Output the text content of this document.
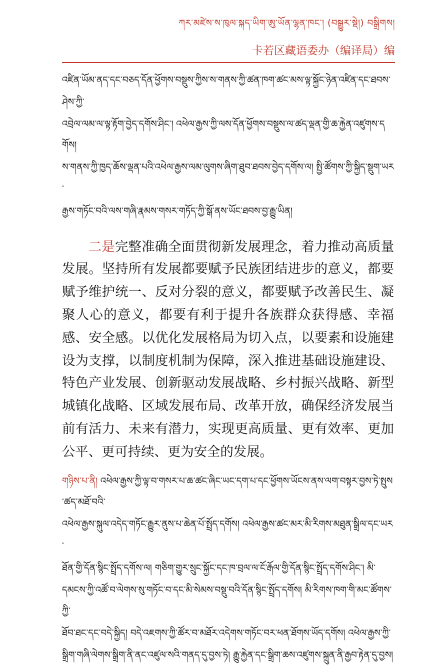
ཀར་མཛེས་ས་ཁུལ་སྐད་ཡིག་ཨུ་ཡོན་ལྷན་ཁང་། (བསྒྱུར་སྡེ།) བསྒྲིགས།
卡若区藏语委办（编译局）编

འཛིན་ཡོམ་ནད་དང་བཅད་དོན་ཕྱོགས་བསྡུས་ཀྱིས་ས་གནས་ཀྱི་ཚན་ཁག་ཚང་མས་ལྟ་སྐྱོང་ཉེན་འཛིན་དང་ཐབས་ཤེས་ཀྱི་
འབྲེལ་ལམ་ལ་ལྟ་རྟོག་བྱེད་དགོས་ཤིང་། འཕེལ་རྒྱས་ཀྱི་ལས་དོན་ཕྱོགས་བསྡུས་ལ་ཚད་ལྡན་གྱི་ཆ་རྐྱེན་འཛུགས་དགོས།
ས་གནས་ཀྱི་ཁྱད་ཆོས་ལྡན་པའི་འཕེལ་རྒྱས་ལམ་ལུགས་ཞིག་ཐུབ་ཐབས་བྱེད་དགོས་ལ། སྤྱི་ཚོགས་ཀྱི་སྐྱིད་སྡུག་ཡར་
རྒྱས་གཏོང་བའི་ལས་གཞི་རྣམས་གསར་གཏོད་ཀྱི་སྒོ་ནས་ཡོང་ཐབས་བྱ་རྒྱུ་ཡིན།

二是完整准确全面贯彻新发展理念，着力推动高质量发展。坚持所有发展都要赋予民族团结进步的意义，都要赋予维护统一、反对分裂的意义，都要赋予改善民生、凝聚人心的意义，都要有利于提升各族群众获得感、幸福感、安全感。以优化发展格局为切入点，以要素和设施建设为支撑，以制度机制为保障，深入推进基础设施建设、特色产业发展、创新驱动发展战略、乡村振兴战略、新型城镇化战略、区域发展布局、改革开放，确保经济发展当前有活力、未来有潜力，实现更高质量、更有效率、更加公平、更可持续、更为安全的发展。

གཉིས་པ་ནི། འཕེལ་རྒྱས་ཀྱི་ལྟ་བ་གསར་པ་ཆ་ཚང་ཞིང་ཡང་དག་པ་དང་ཕྱོགས་ཡོངས་ནས་ལག་བསྟར་བྱས་ཏེ་སྤུས་ཚད་མཐོ་བའི་
འཕེལ་རྒྱས་སྐུལ་འདེད་གཏོང་རྒྱུར་ནུས་པ་ཆེན་པོ་སྤྲོད་དགོས། འཕེལ་རྒྱས་ཚང་མར་མི་རིགས་མཐུན་སྒྲིལ་དང་ཡར་
ཐོན་གྱི་དོན་སྙིང་སྤྲོད་དགོས་ལ། གཅིག་གྱུར་སྲུང་སྐྱོང་དང་ཁ་བྲལ་ལ་ངོ་རྒོལ་གྱི་དོན་སྙིང་སྤྲོད་དགོས་ཤིང་། མི་
དམངས་ཀྱི་འཚོ་བ་ལེགས་སུ་གཏོང་བ་དང་མི་སེམས་བསྡུ་བའི་དོན་སྙིང་སྤྲོད་དགོས། མི་རིགས་ཁག་གི་མང་ཚོགས་ཀྱི་
ཐོབ་ཐང་དང་བདེ་སྐྱིད། བདེ་འཇགས་ཀྱི་ཚོར་བ་མཐོར་འདེགས་གཏོང་བར་ཕན་ཐོགས་ཡོད་དགོས། འཕེལ་རྒྱས་ཀྱི་
སྒྲིག་གཞི་ལེགས་སྒྲིག་ནི་ནང་འཛུལ་སའི་གནད་དུ་བྱས་ཏེ། རྒྱུ་རྐྱེན་དང་སྒྲིག་ཆས་འཛུགས་སྐྲུན་ནི་རྒྱབ་རྟེན་དུ་བྱས།
